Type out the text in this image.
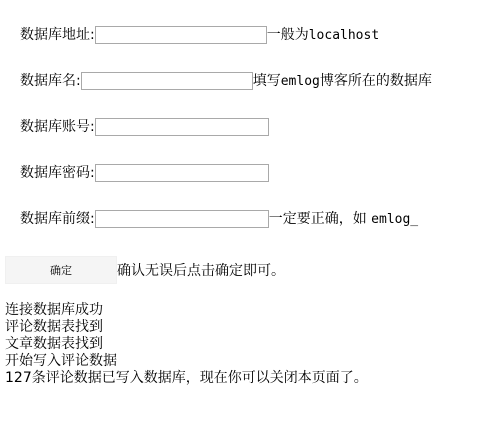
数据库地址:	一般为localhost
数据库名:	填写emlog博客所在的数据库
数据库账号:
数据库密码:
数据库前缀:	一定要正确，如 emlog_
确定	确认无误后点击确定即可。
连接数据库成功
评论数据表找到
文章数据表找到
开始写入评论数据
127条评论数据已写入数据库，现在你可以关闭本页面了。
